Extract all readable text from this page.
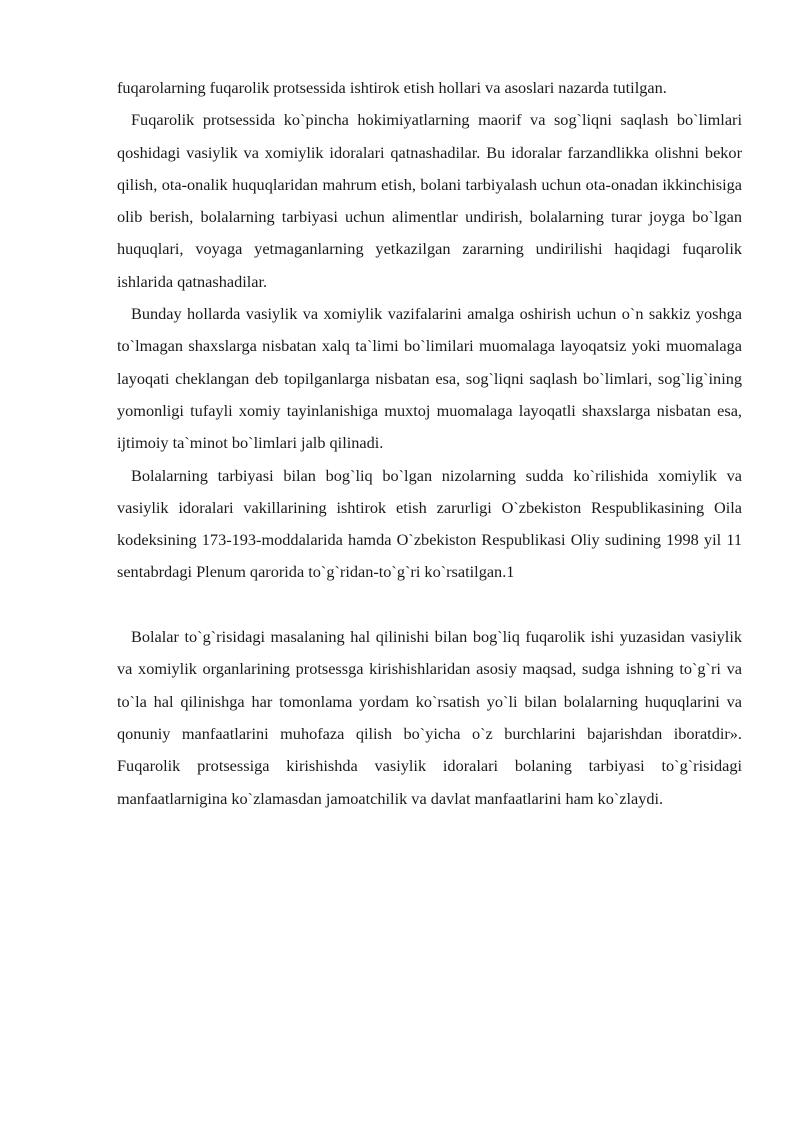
fuqarolarning fuqarolik protsessida ishtirok etish hollari va asoslari nazarda tutilgan.

Fuqarolik protsessida ko`pincha hokimiyatlarning maorif va sog`liqni saqlash bo`limlari qoshidagi vasiylik va xomiylik idoralari qatnashadilar. Bu idoralar farzandlikka olishni bekor qilish, ota-onalik huquqlaridan mahrum etish, bolani tarbiyalash uchun ota-onadan ikkinchisiga olib berish, bolalarning tarbiyasi uchun alimentlar undirish, bolalarning turar joyga bo`lgan huquqlari, voyaga yetmaganlarning yetkazilgan zararning undirilishi haqidagi fuqarolik ishlarida qatnashadilar.

Bunday hollarda vasiylik va xomiylik vazifalarini amalga oshirish uchun o`n sakkiz yoshga to`lmagan shaxslarga nisbatan xalq ta`limi bo`limilari muomalaga layoqatsiz yoki muomalaga layoqati cheklangan deb topilganlarga nisbatan esa, sog`liqni saqlash bo`limlari, sog`lig`ining yomonligi tufayli xomiy tayinlanishiga muxtoj muomalaga layoqatli shaxslarga nisbatan esa, ijtimoiy ta`minot bo`limlari jalb qilinadi.

Bolalarning tarbiyasi bilan bog`liq bo`lgan nizolarning sudda ko`rilishida xomiylik va vasiylik idoralari vakillarining ishtirok etish zarurligi O`zbekiston Respublikasining Oila kodeksining 173-193-moddalarida hamda O`zbekiston Respublikasi Oliy sudining 1998 yil 11 sentabrdagi Plenum qarorida to`g`ridan-to`g`ri ko`rsatilgan.1

Bolalar to`g`risidagi masalaning hal qilinishi bilan bog`liq fuqarolik ishi yuzasidan vasiylik va xomiylik organlarining protsessga kirishishlaridan asosiy maqsad, sudga ishning to`g`ri va to`la hal qilinishga har tomonlama yordam ko`rsatish yo`li bilan bolalarning huquqlarini va qonuniy manfaatlarini muhofaza qilish bo`yicha o`z burchlarini bajarishdan iboratdir». Fuqarolik protsessiga kirishishda vasiylik idoralari bolaning tarbiyasi to`g`risidagi manfaatlarnigina ko`zlamasdan jamoatchilik va davlat manfaatlarini ham ko`zlaydi.
